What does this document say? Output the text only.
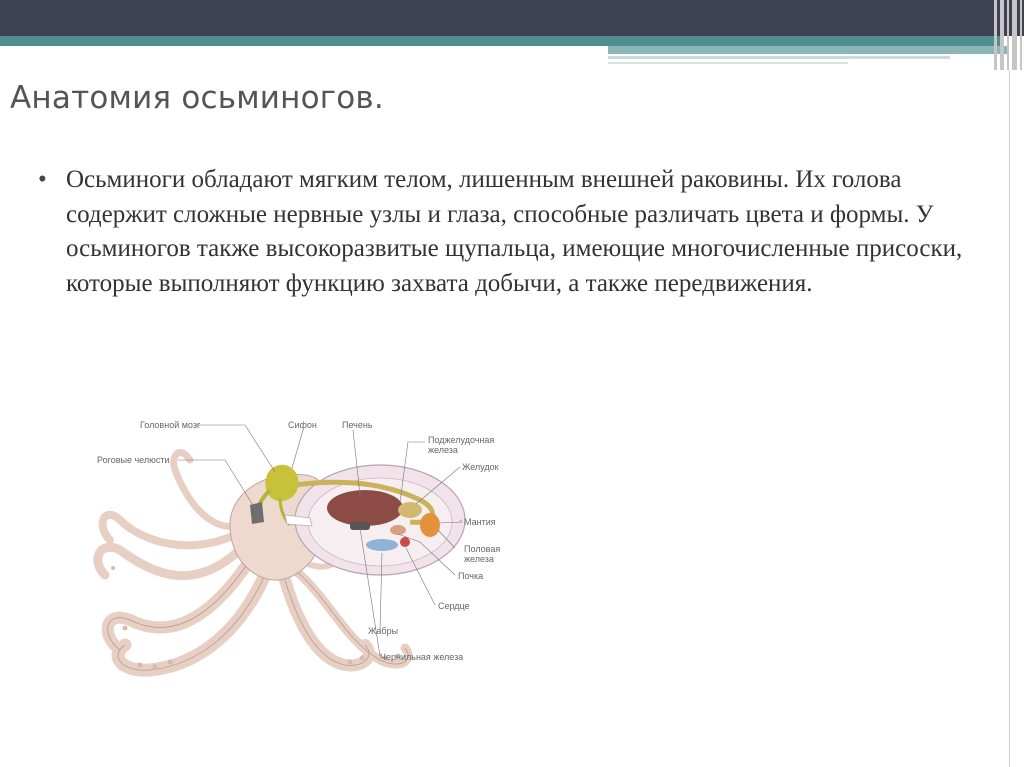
Анатомия осьминогов.
• Осьминоги обладают мягким телом, лишенным внешней раковины. Их голова содержит сложные нервные узлы и глаза, способные различать цвета и формы. У осьминогов также высокоразвитые щупальца, имеющие многочисленные присоски, которые выполняют функцию захвата добычи, а также передвижения.

Головной мозг	Сифон	Печень
Поджелудочная
железа
Роговые челюсти
Желудок
Мантия
Половая
железа
Почка
Сердце
Жабры
Чернильная железа
